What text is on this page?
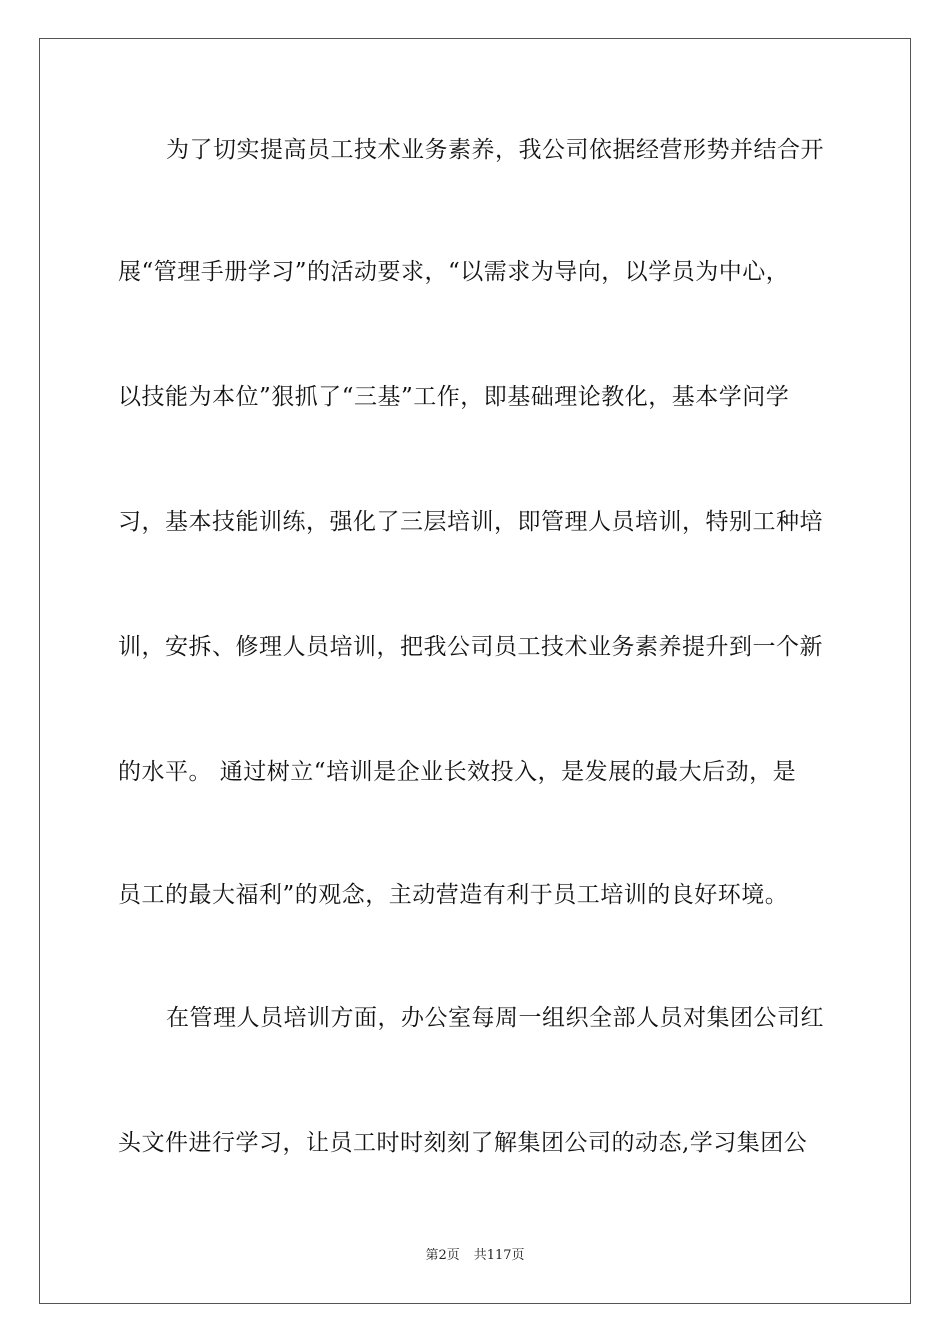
为了切实提高员工技术业务素养，我公司依据经营形势并结合开
展“管理手册学习”的活动要求，“以需求为导向，以学员为中心，
以技能为本位”狠抓了“三基”工作，即基础理论教化，基本学问学
习，基本技能训练，强化了三层培训，即管理人员培训，特别工种培
训，安拆、修理人员培训，把我公司员工技术业务素养提升到一个新
的水平。 通过树立“培训是企业长效投入，是发展的最大后劲，是
员工的最大福利”的观念，主动营造有利于员工培训的良好环境。
在管理人员培训方面，办公室每周一组织全部人员对集团公司红
头文件进行学习，让员工时时刻刻了解集团公司的动态,学习集团公
第2页 共117页
